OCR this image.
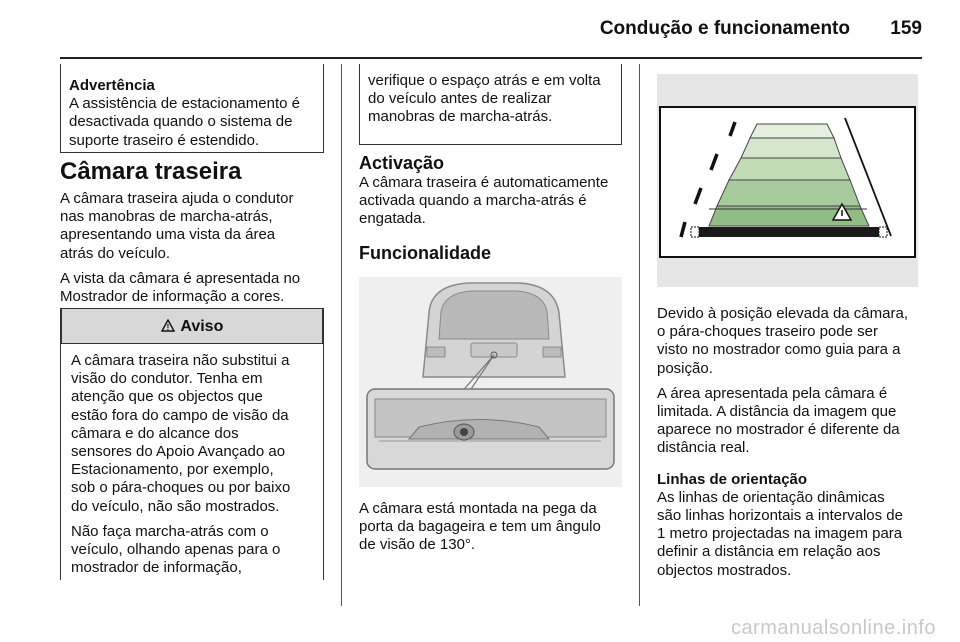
Condução e funcionamento 159
Advertência
A assistência de estacionamento é
desactivada quando o sistema de
suporte traseiro é estendido.
Câmara traseira

A câmara traseira ajuda o condutor
nas manobras de marcha-atrás,
apresentando uma vista da área
atrás do veículo.

A vista da câmara é apresentada no
Mostrador de informação a cores.

! Aviso

A câmara traseira não substitui a
visão do condutor. Tenha em
atenção que os objectos que
estão fora do campo de visão da
câmara e do alcance dos
sensores do Apoio Avançado ao
Estacionamento, por exemplo,
sob o pára-choques ou por baixo
do veículo, não são mostrados.

Não faça marcha-atrás com o
veículo, olhando apenas para o
mostrador de informação,

verifique o espaço atrás e em volta
do veículo antes de realizar
manobras de marcha-atrás.
Activação

A câmara traseira é automaticamente
activada quando a marcha-atrás é
engatada.

Funcionalidade

A câmara está montada na pega da
porta da bagageira e tem um ângulo
de visão de 130°.

Devido à posição elevada da câmara,
o pára-choques traseiro pode ser
visto no mostrador como guia para a
posição.

A área apresentada pela câmara é
limitada. A distância da imagem que
aparece no mostrador é diferente da
distância real.

Linhas de orientação

As linhas de orientação dinâmicas
são linhas horizontais a intervalos de
1 metro projectadas na imagem para
definir a distância em relação aos
objectos mostrados.

carmanualsonline.info
